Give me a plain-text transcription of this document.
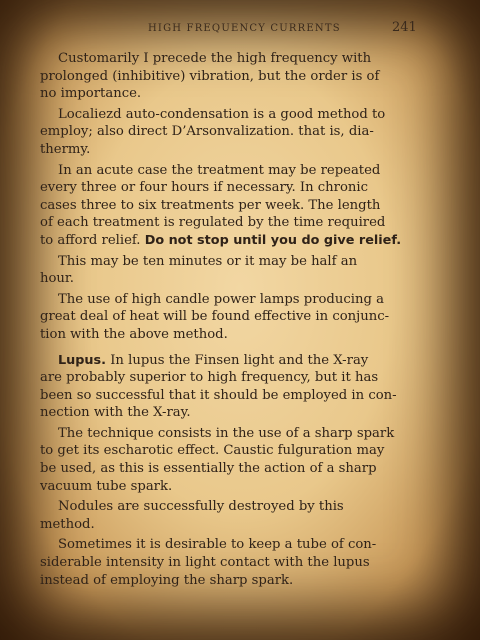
HIGH FREQUENCY CURRENTS	241

Customarily I precede the high frequency with
prolonged (inhibitive) vibration, but the order is of
no importance.

Localiezd auto-condensation is a good method to
employ; also direct D’Arsonvalization. that is, dia-
thermy.

In an acute case the treatment may be repeated
every three or four hours if necessary. In chronic
cases three to six treatments per week. The length
of each treatment is regulated by the time required
to afford relief. Do not stop until you do give relief.

This may be ten minutes or it may be half an
hour.

The use of high candle power lamps producing a
great deal of heat will be found effective in conjunc-
tion with the above method.

Lupus. In lupus the Finsen light and the X-ray
are probably superior to high frequency, but it has
been so successful that it should be employed in con-
nection with the X-ray.

The technique consists in the use of a sharp spark
to get its escharotic effect. Caustic fulguration may
be used, as this is essentially the action of a sharp
vacuum tube spark.

Nodules are successfully destroyed by this
method.

Sometimes it is desirable to keep a tube of con-
siderable intensity in light contact with the lupus
instead of employing the sharp spark.
